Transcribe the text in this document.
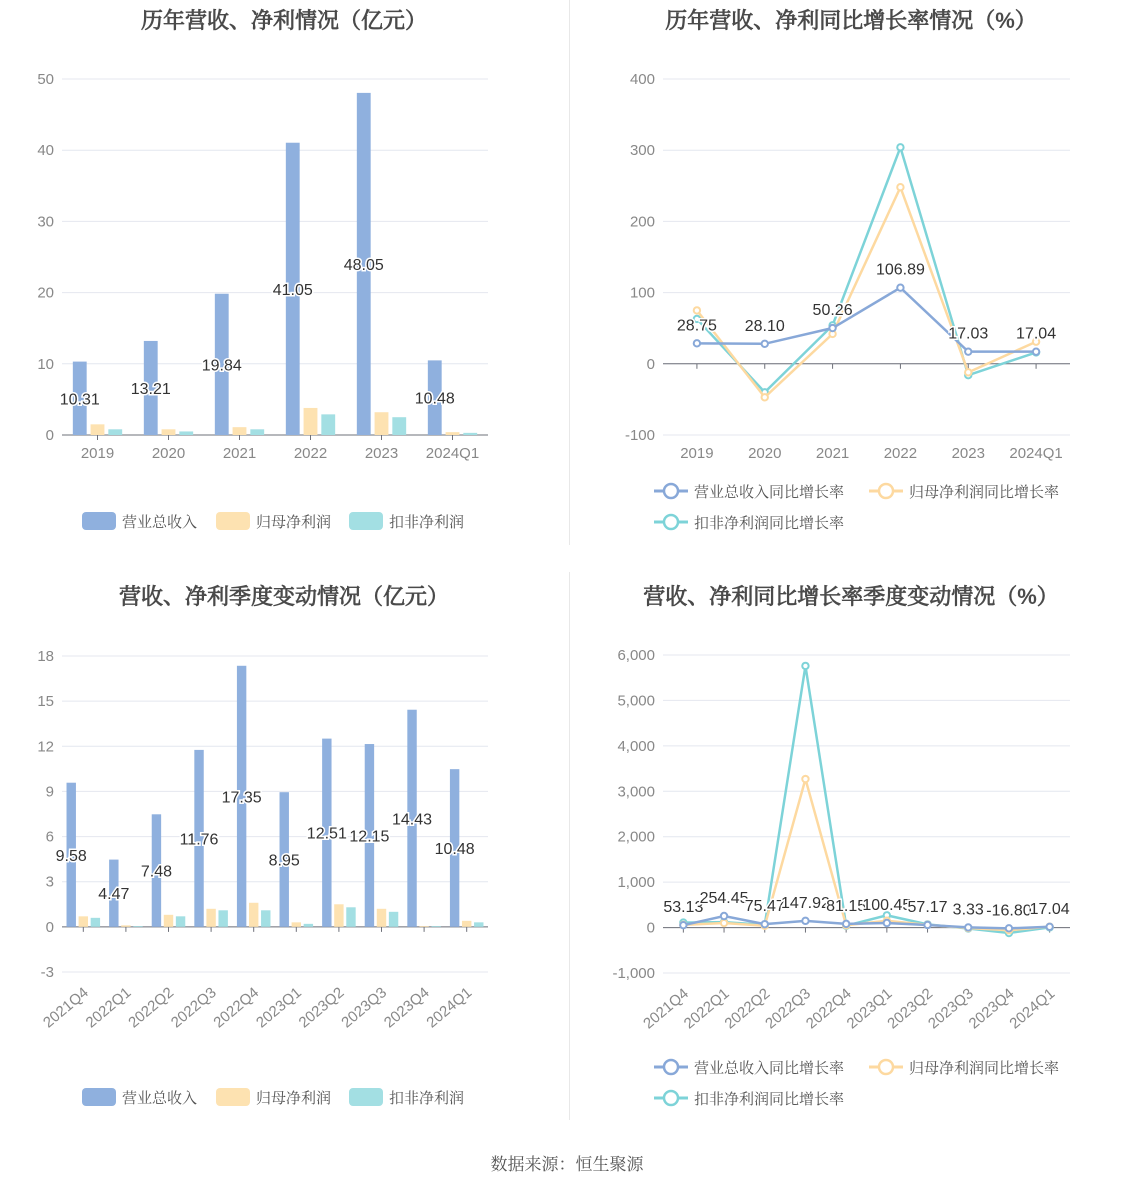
历年营收、净利情况（亿元）
0
10
20
30
40
50
2019	2020	2021	2022	2023 2024Q1
10.31
13.21
19.84
41.05
48.05
10.48
营业总收入	归母净利润	扣非净利润
历年营收、净利同比增长率情况（%）
-100
0
100
200
300
400
2019 2020 2021 2022 2023 2024Q1
28.75 28.10
50.26
106.89
17.03 17.04
营业总收入同比增长率	归母净利润同比增长率
扣非净利润同比增长率
营收、净利季度变动情况（亿元）
-3
0
3
6
9
12
15
18
2021Q4
2022Q1
2022Q2
2022Q3
2022Q4
2023Q1
2023Q2
2023Q3
2023Q4
2024Q1
9.58
4.47
7.48
11.76
17.35
8.95
12.51 12.15
14.43
10.48
营业总收入	归母净利润	扣非净利润
营收、净利同比增长率季度变动情况（%）
-1,000
0
1,000
2,000
3,000
4,000
5,000
6,000
2021Q4
2022Q1
2022Q2
2022Q3
2022Q4
2023Q1
2023Q2
2023Q3
2023Q4
2024Q1
53.13
254.45
75.47
147.92
81.15
100.45
57.17 3.33 -16.80
17.04
营业总收入同比增长率	归母净利润同比增长率
扣非净利润同比增长率
数据来源：恒生聚源
